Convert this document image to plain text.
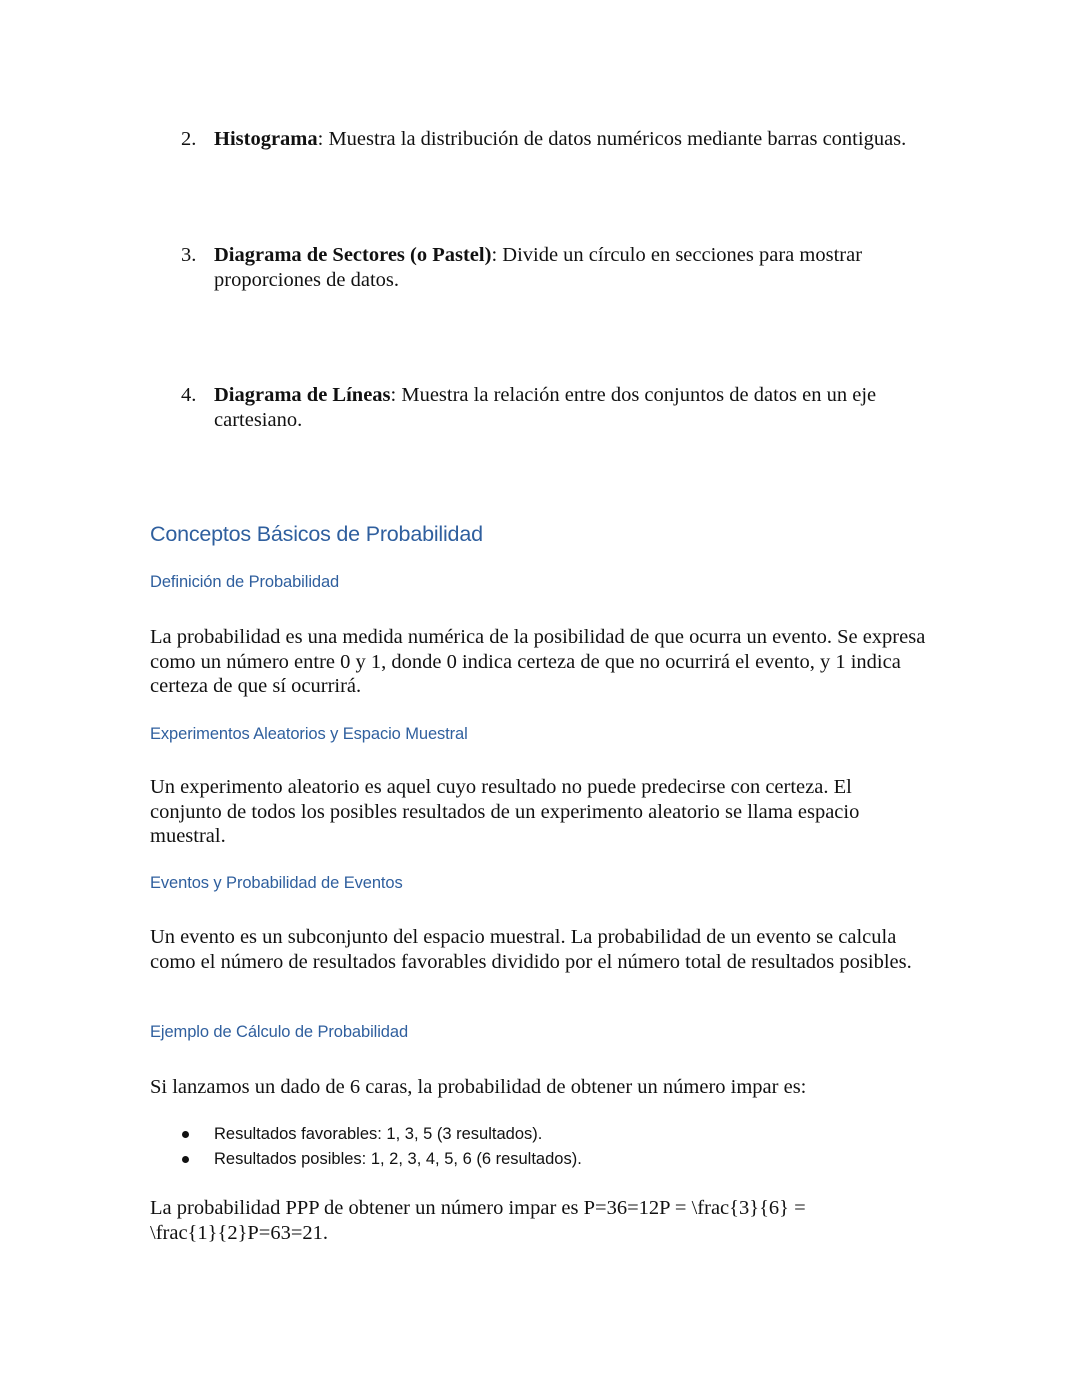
2. Histograma: Muestra la distribución de datos numéricos mediante barras contiguas.
3. Diagrama de Sectores (o Pastel): Divide un círculo en secciones para mostrar proporciones de datos.
4. Diagrama de Líneas: Muestra la relación entre dos conjuntos de datos en un eje cartesiano.
Conceptos Básicos de Probabilidad
Definición de Probabilidad
La probabilidad es una medida numérica de la posibilidad de que ocurra un evento. Se expresa como un número entre 0 y 1, donde 0 indica certeza de que no ocurrirá el evento, y 1 indica certeza de que sí ocurrirá.
Experimentos Aleatorios y Espacio Muestral
Un experimento aleatorio es aquel cuyo resultado no puede predecirse con certeza. El conjunto de todos los posibles resultados de un experimento aleatorio se llama espacio muestral.
Eventos y Probabilidad de Eventos
Un evento es un subconjunto del espacio muestral. La probabilidad de un evento se calcula como el número de resultados favorables dividido por el número total de resultados posibles.
Ejemplo de Cálculo de Probabilidad
Si lanzamos un dado de 6 caras, la probabilidad de obtener un número impar es:
Resultados favorables: 1, 3, 5 (3 resultados).
Resultados posibles: 1, 2, 3, 4, 5, 6 (6 resultados).
La probabilidad PPP de obtener un número impar es P=36=12P = \frac{3}{6} = \frac{1}{2}P=63​=21​.
